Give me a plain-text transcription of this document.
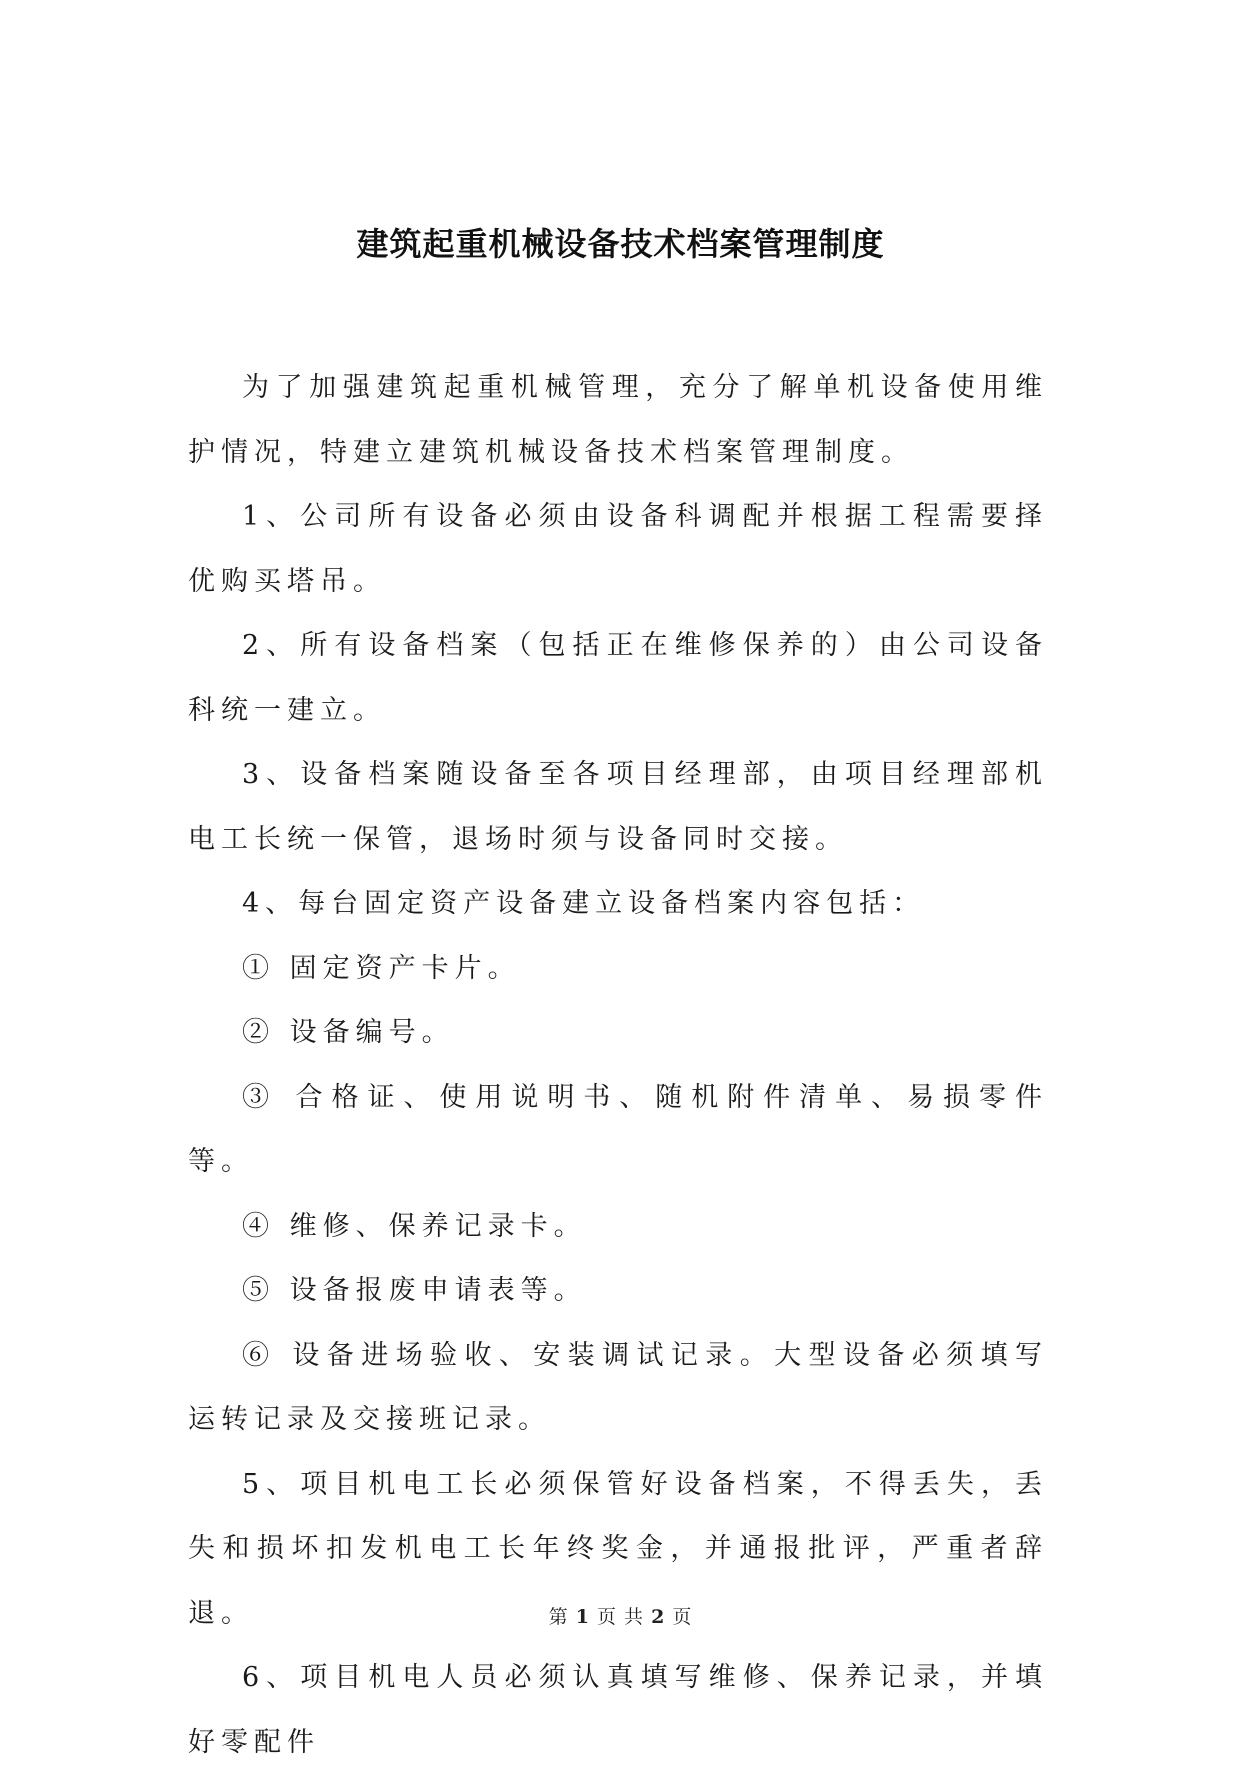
建筑起重机械设备技术档案管理制度

为了加强建筑起重机械管理，充分了解单机设备使用维护情况，特建立建筑机械设备技术档案管理制度。

1、公司所有设备必须由设备科调配并根据工程需要择优购买塔吊。

2、所有设备档案（包括正在维修保养的）由公司设备科统一建立。

3、设备档案随设备至各项目经理部，由项目经理部机电工长统一保管，退场时须与设备同时交接。

4、每台固定资产设备建立设备档案内容包括：

① 固定资产卡片。

② 设备编号。

③ 合格证、使用说明书、随机附件清单、易损零件等。

④ 维修、保养记录卡。

⑤ 设备报废申请表等。

⑥ 设备进场验收、安装调试记录。大型设备必须填写运转记录及交接班记录。

5、项目机电工长必须保管好设备档案，不得丢失，丢失和损坏扣发机电工长年终奖金，并通报批评，严重者辞退。

6、项目机电人员必须认真填写维修、保养记录，并填好零配件

第 1 页 共 2 页
